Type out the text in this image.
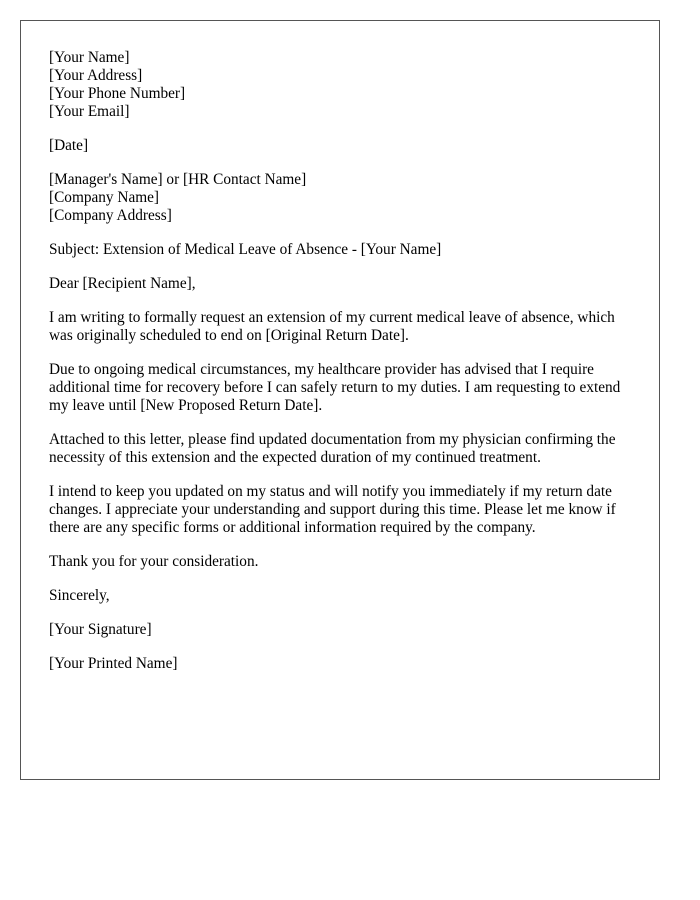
[Your Name]
[Your Address]
[Your Phone Number]
[Your Email]
[Date]
[Manager's Name] or [HR Contact Name]
[Company Name]
[Company Address]

Subject: Extension of Medical Leave of Absence - [Your Name]

Dear [Recipient Name],

I am writing to formally request an extension of my current medical leave of absence, which was originally scheduled to end on [Original Return Date].

Due to ongoing medical circumstances, my healthcare provider has advised that I require additional time for recovery before I can safely return to my duties. I am requesting to extend my leave until [New Proposed Return Date].

Attached to this letter, please find updated documentation from my physician confirming the necessity of this extension and the expected duration of my continued treatment.

I intend to keep you updated on my status and will notify you immediately if my return date changes. I appreciate your understanding and support during this time. Please let me know if there are any specific forms or additional information required by the company.

Thank you for your consideration.

Sincerely,

[Your Signature]

[Your Printed Name]
